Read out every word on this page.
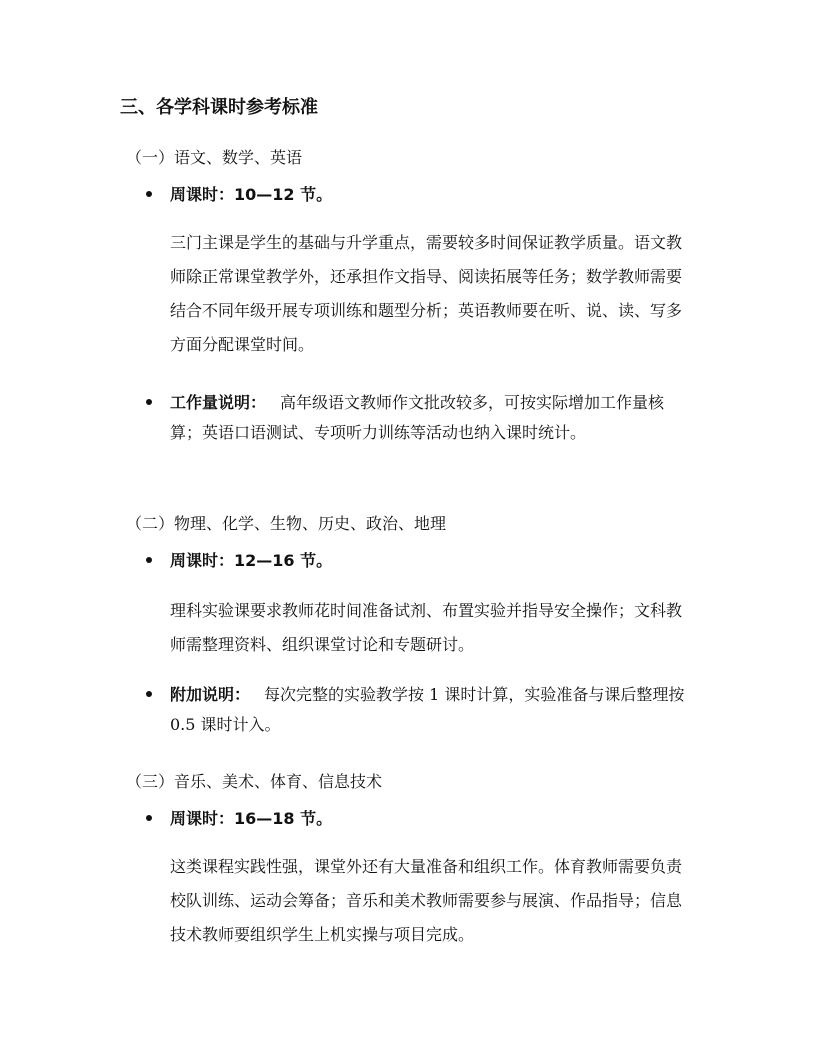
三、各学科课时参考标准
（一）语文、数学、英语
周课时：10—12 节。
三门主课是学生的基础与升学重点，需要较多时间保证教学质量。语文教师除正常课堂教学外，还承担作文指导、阅读拓展等任务；数学教师需要结合不同年级开展专项训练和题型分析；英语教师要在听、说、读、写多方面分配课堂时间。
工作量说明： 高年级语文教师作文批改较多，可按实际增加工作量核算；英语口语测试、专项听力训练等活动也纳入课时统计。
（二）物理、化学、生物、历史、政治、地理
周课时：12—16 节。
理科实验课要求教师花时间准备试剂、布置实验并指导安全操作；文科教师需整理资料、组织课堂讨论和专题研讨。
附加说明： 每次完整的实验教学按 1 课时计算，实验准备与课后整理按 0.5 课时计入。
（三）音乐、美术、体育、信息技术
周课时：16—18 节。
这类课程实践性强，课堂外还有大量准备和组织工作。体育教师需要负责校队训练、运动会筹备；音乐和美术教师需要参与展演、作品指导；信息技术教师要组织学生上机实操与项目完成。
